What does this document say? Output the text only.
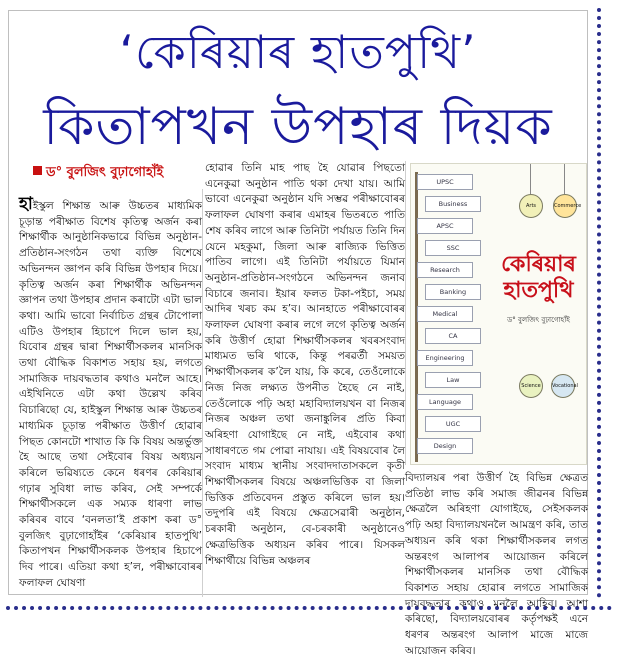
‘কেৰিয়াৰ হাতপুথি’
কিতাপখন উপহাৰ দিয়ক
ড° বুলজিৎ বুঢ়াগোহাঁই
হাইস্কুল শিক্ষান্ত আৰু উচ্চতৰ মাধ্যমিক চূড়ান্ত পৰীক্ষাত বিশেষ কৃতিত্ব অৰ্জন কৰা শিক্ষাৰ্থীক আনুষ্ঠানিকভাৱে বিভিন্ন অনুষ্ঠান-প্ৰতিষ্ঠান-সংগঠন তথা ব্যক্তি বিশেষে অভিনন্দন জ্ঞাপন কৰি বিভিন্ন উপহাৰ দিয়ে। কৃতিত্ব অৰ্জন কৰা শিক্ষাৰ্থীক অভিনন্দন জ্ঞাপন তথা উপহাৰ প্ৰদান কৰাটো এটা ভাল কথা। আমি ভাবো নিৰ্বাচিত গ্ৰন্থৰ টোপোলা এটিও উপহাৰ হিচাপে দিলে ভাল হয়, যিবোৰ গ্ৰন্থৰ দ্বাৰা শিক্ষাৰ্থীসকলৰ মানসিক তথা বৌদ্ধিক বিকাশত সহায় হয়, লগতে সামাজিক দায়বদ্ধতাৰ কথাও মনলৈ আহে। এইখিনিতে এটা কথা উল্লেখ কৰিব বিচাৰিছো যে, হাইস্কুল শিক্ষান্ত আৰু উচ্চতৰ মাধ্যমিক চূড়ান্ত পৰীক্ষাত উত্তীৰ্ণ হোৱাৰ পিছত কোনটো শাখাত কি কি বিষয় অন্তৰ্ভুক্ত হৈ আছে তথা সেইবোৰ বিষয় অধ্যয়ন কৰিলে ভৱিষ্যতে কেনে ধৰণৰ কেৰিয়াৰ গঢ়াৰ সুবিধা লাভ কৰিব, সেই সম্পৰ্কে শিক্ষাৰ্থীসকলে এক সম্যক ধাৰণা লাভ কৰিবৰ বাবে ‘বনলতা’ই প্ৰকাশ কৰা ড° বুলজিৎ বুঢ়াগোহাঁইৰ ‘কেৰিয়াৰ হাতপুথি’ কিতাপখন শিক্ষাৰ্থীসকলক উপহাৰ হিচাপে দিব পাৰে। এতিয়া কথা হ’ল, পৰীক্ষাবোৰৰ ফলাফল ঘোষণা
হোৱাৰ তিনি মাহ পাছ হৈ যোৱাৰ পিছতো এনেকুৱা অনুষ্ঠান পাতি থকা দেখা যায়। আমি ভাবো এনেকুৱা অনুষ্ঠান যদি সম্ভৱ পৰীক্ষাবোৰৰ ফলাফল ঘোষণা কৰাৰ এমাহৰ ভিতৰতে পাতি শেষ কৰিব লাগে আৰু তিনিটা পৰ্যায়ত তিনি দিন যেনে মহকুমা, জিলা আৰু ৰাজ্যিক ভিত্তিত পাতিব লাগে। এই তিনিটা পৰ্যায়তে যিমান অনুষ্ঠান-প্ৰতিষ্ঠান-সংগঠনে অভিনন্দন জনাব বিচাৰে জনাব। ইয়াৰ ফলত টকা-পইচা, সময় আদিৰ খৰচ কম হ’ব। আনহাতে পৰীক্ষাবোৰৰ ফলাফল ঘোষণা কৰাৰ লগে লগে কৃতিত্ব অৰ্জন কৰি উত্তীৰ্ণ হোৱা শিক্ষাৰ্থীসকলৰ খবৰসংবাদ মাধ্যমত ভৰি থাকে, কিন্তু পৰৱৰ্তী সময়ত শিক্ষাৰ্থীসকলৰ ক’লৈ যায়, কি কৰে, তেওঁলোকে নিজ নিজ লক্ষ্যত উপনীত হৈছে নে নাই, তেওঁলোকে পঢ়ি অহা মহাবিদ্যালয়খন বা নিজৰ নিজৰ অঞ্চল তথা জনাঙ্কুলিৰ প্ৰতি কিবা অৰিহণা যোগাইছে নে নাই, এইবোৰ কথা সাধাৰণতে গম পোৱা নাযায়। এই বিষয়বোৰ লৈ সংবাদ মাধ্যম স্থানীয় সংবাদদাতাসকলে কৃতী শিক্ষাৰ্থীসকলৰ বিষয়ে অঞ্চলভিত্তিক বা জিলা ভিত্তিক প্ৰতিবেদন প্ৰস্তুত কৰিলে ভাল হয়। তদুপৰি এই বিষয়ে ক্ষেত্ৰসেৱাৰী অনুষ্ঠান, চৰকাৰী অনুষ্ঠান, বে-চৰকাৰী অনুষ্ঠানেও ক্ষেত্ৰভিত্তিক অধ্যয়ন কৰিব পাৰে। যিসকল শিক্ষাৰ্থীয়ে বিভিন্ন অঞ্চলৰ
UPSC
Business
APSC
SSC
Research
Banking
Medical
CA
Engineering
Law
Language
UGC
Design
Arts	Commerce
কেৰিয়াৰ
হাতপুথি
ড° বুলজিৎ বুঢ়াগোহাঁই
Science	Vocational
বিদ্যালয়ৰ পৰা উত্তীৰ্ণ হৈ বিভিন্ন ক্ষেত্ৰত প্ৰতিষ্ঠা লাভ কৰি সমাজ জীৱনৰ বিভিন্ন ক্ষেত্ৰলৈ অৰিহণা যোগাইছে, সেইসকলক পঢ়ি অহা বিদ্যালয়খনলৈ আমন্ত্ৰণ কৰি, তাত অধ্যয়ন কৰি থকা শিক্ষাৰ্থীসকলৰ লগত অন্তৰংগ আলাপৰ আয়োজন কৰিলে শিক্ষাৰ্থীসকলৰ মানসিক তথা বৌদ্ধিক বিকাশত সহায় হোৱাৰ লগতে সামাজিক দায়বদ্ধতাৰ কথাও মনলৈ আহিব। আশা কৰিছো, বিদ্যালয়বোৰৰ কৰ্তৃপক্ষই এনে ধৰণৰ অন্তৰংগ আলাপ মাজে মাজে আয়োজন কৰিব।
